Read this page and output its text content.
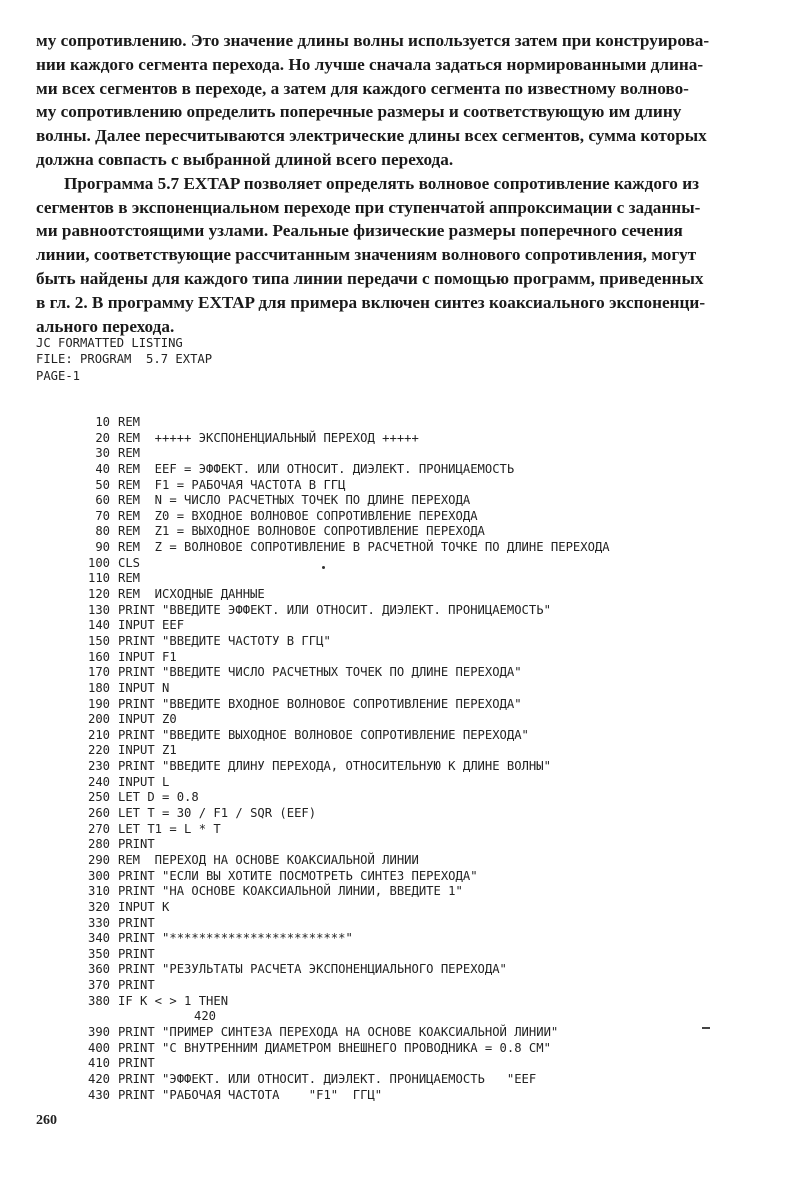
му сопротивлению. Это значение длины волны используется затем при конструирова-
нии каждого сегмента перехода. Но лучше сначала задаться нормированными длина-
ми всех сегментов в переходе, а затем для каждого сегмента по известному волново-
му сопротивлению определить поперечные размеры и соответствующую им длину
волны. Далее пересчитываются электрические длины всех сегментов, сумма которых
должна совпасть с выбранной длиной всего перехода.
Программа 5.7 EXTAP позволяет определять волновое сопротивление каждого из
сегментов в экспоненциальном переходе при ступенчатой аппроксимации с заданны-
ми равноотстоящими узлами. Реальные физические размеры поперечного сечения
линии, соответствующие рассчитанным значениям волнового сопротивления, могут
быть найдены для каждого типа линии передачи с помощью программ, приведенных
в гл. 2. В программу EXTAP для примера включен синтез коаксиального экспоненци-
ального перехода.
JC FORMATTED LISTING
FILE: PROGRAM  5.7 EXTAP
PAGE-1
10 REM
20 REM  +++++ ЭКСПОНЕНЦИАЛЬНЫЙ ПЕРЕХОД +++++
30 REM
40 REM  EEF = ЭФФЕКТ. ИЛИ ОТНОСИТ. ДИЭЛЕКТ. ПРОНИЦАЕМОСТЬ
50 REM  F1 = РАБОЧАЯ ЧАСТОТА В ГГЦ
60 REM  N = ЧИСЛО РАСЧЕТНЫХ ТОЧЕК ПО ДЛИНЕ ПЕРЕХОДА
70 REM  Z0 = ВХОДНОЕ ВОЛНОВОЕ СОПРОТИВЛЕНИЕ ПЕРЕХОДА
80 REM  Z1 = ВЫХОДНОЕ ВОЛНОВОЕ СОПРОТИВЛЕНИЕ ПЕРЕХОДА
90 REM  Z = ВОЛНОВОЕ СОПРОТИВЛЕНИЕ В РАСЧЕТНОЙ ТОЧКЕ ПО ДЛИНЕ ПЕРЕХОДА
100 CLS
110 REM
120 REM  ИСХОДНЫЕ ДАННЫЕ
130 PRINT "ВВЕДИТЕ ЭФФЕКТ. ИЛИ ОТНОСИТ. ДИЭЛЕКТ. ПРОНИЦАЕМОСТЬ"
140 INPUT EEF
150 PRINT "ВВЕДИТЕ ЧАСТОТУ В ГГЦ"
160 INPUT F1
170 PRINT "ВВЕДИТЕ ЧИСЛО РАСЧЕТНЫХ ТОЧЕК ПО ДЛИНЕ ПЕРЕХОДА"
180 INPUT N
190 PRINT "ВВЕДИТЕ ВХОДНОЕ ВОЛНОВОЕ СОПРОТИВЛЕНИЕ ПЕРЕХОДА"
200 INPUT Z0
210 PRINT "ВВЕДИТЕ ВЫХОДНОЕ ВОЛНОВОЕ СОПРОТИВЛЕНИЕ ПЕРЕХОДА"
220 INPUT Z1
230 PRINT "ВВЕДИТЕ ДЛИНУ ПЕРЕХОДА, ОТНОСИТЕЛЬНУЮ К ДЛИНЕ ВОЛНЫ"
240 INPUT L
250 LET D = 0.8
260 LET T = 30 / F1 / SQR (EEF)
270 LET T1 = L * T
280 PRINT
290 REM  ПЕРЕХОД НА ОСНОВЕ КОАКСИАЛЬНОЙ ЛИНИИ
300 PRINT "ЕСЛИ ВЫ ХОТИТЕ ПОСМОТРЕТЬ СИНТЕЗ ПЕРЕХОДА"
310 PRINT "НА ОСНОВЕ КОАКСИАЛЬНОЙ ЛИНИИ, ВВЕДИТЕ 1"
320 INPUT K
330 PRINT
340 PRINT "************************"
350 PRINT
360 PRINT "РЕЗУЛЬТАТЫ РАСЧЕТА ЭКСПОНЕНЦИАЛЬНОГО ПЕРЕХОДА"
370 PRINT
380 IF K < > 1 THEN
420
390 PRINT "ПРИМЕР СИНТЕЗА ПЕРЕХОДА НА ОСНОВЕ КОАКСИАЛЬНОЙ ЛИНИИ"
400 PRINT "С ВНУТРЕННИМ ДИАМЕТРОМ ВНЕШНЕГО ПРОВОДНИКА = 0.8 СМ"
410 PRINT
420 PRINT "ЭФФЕКТ. ИЛИ ОТНОСИТ. ДИЭЛЕКТ. ПРОНИЦАЕМОСТЬ   "EEF
430 PRINT "РАБОЧАЯ ЧАСТОТА    "F1"  ГГЦ"
260
